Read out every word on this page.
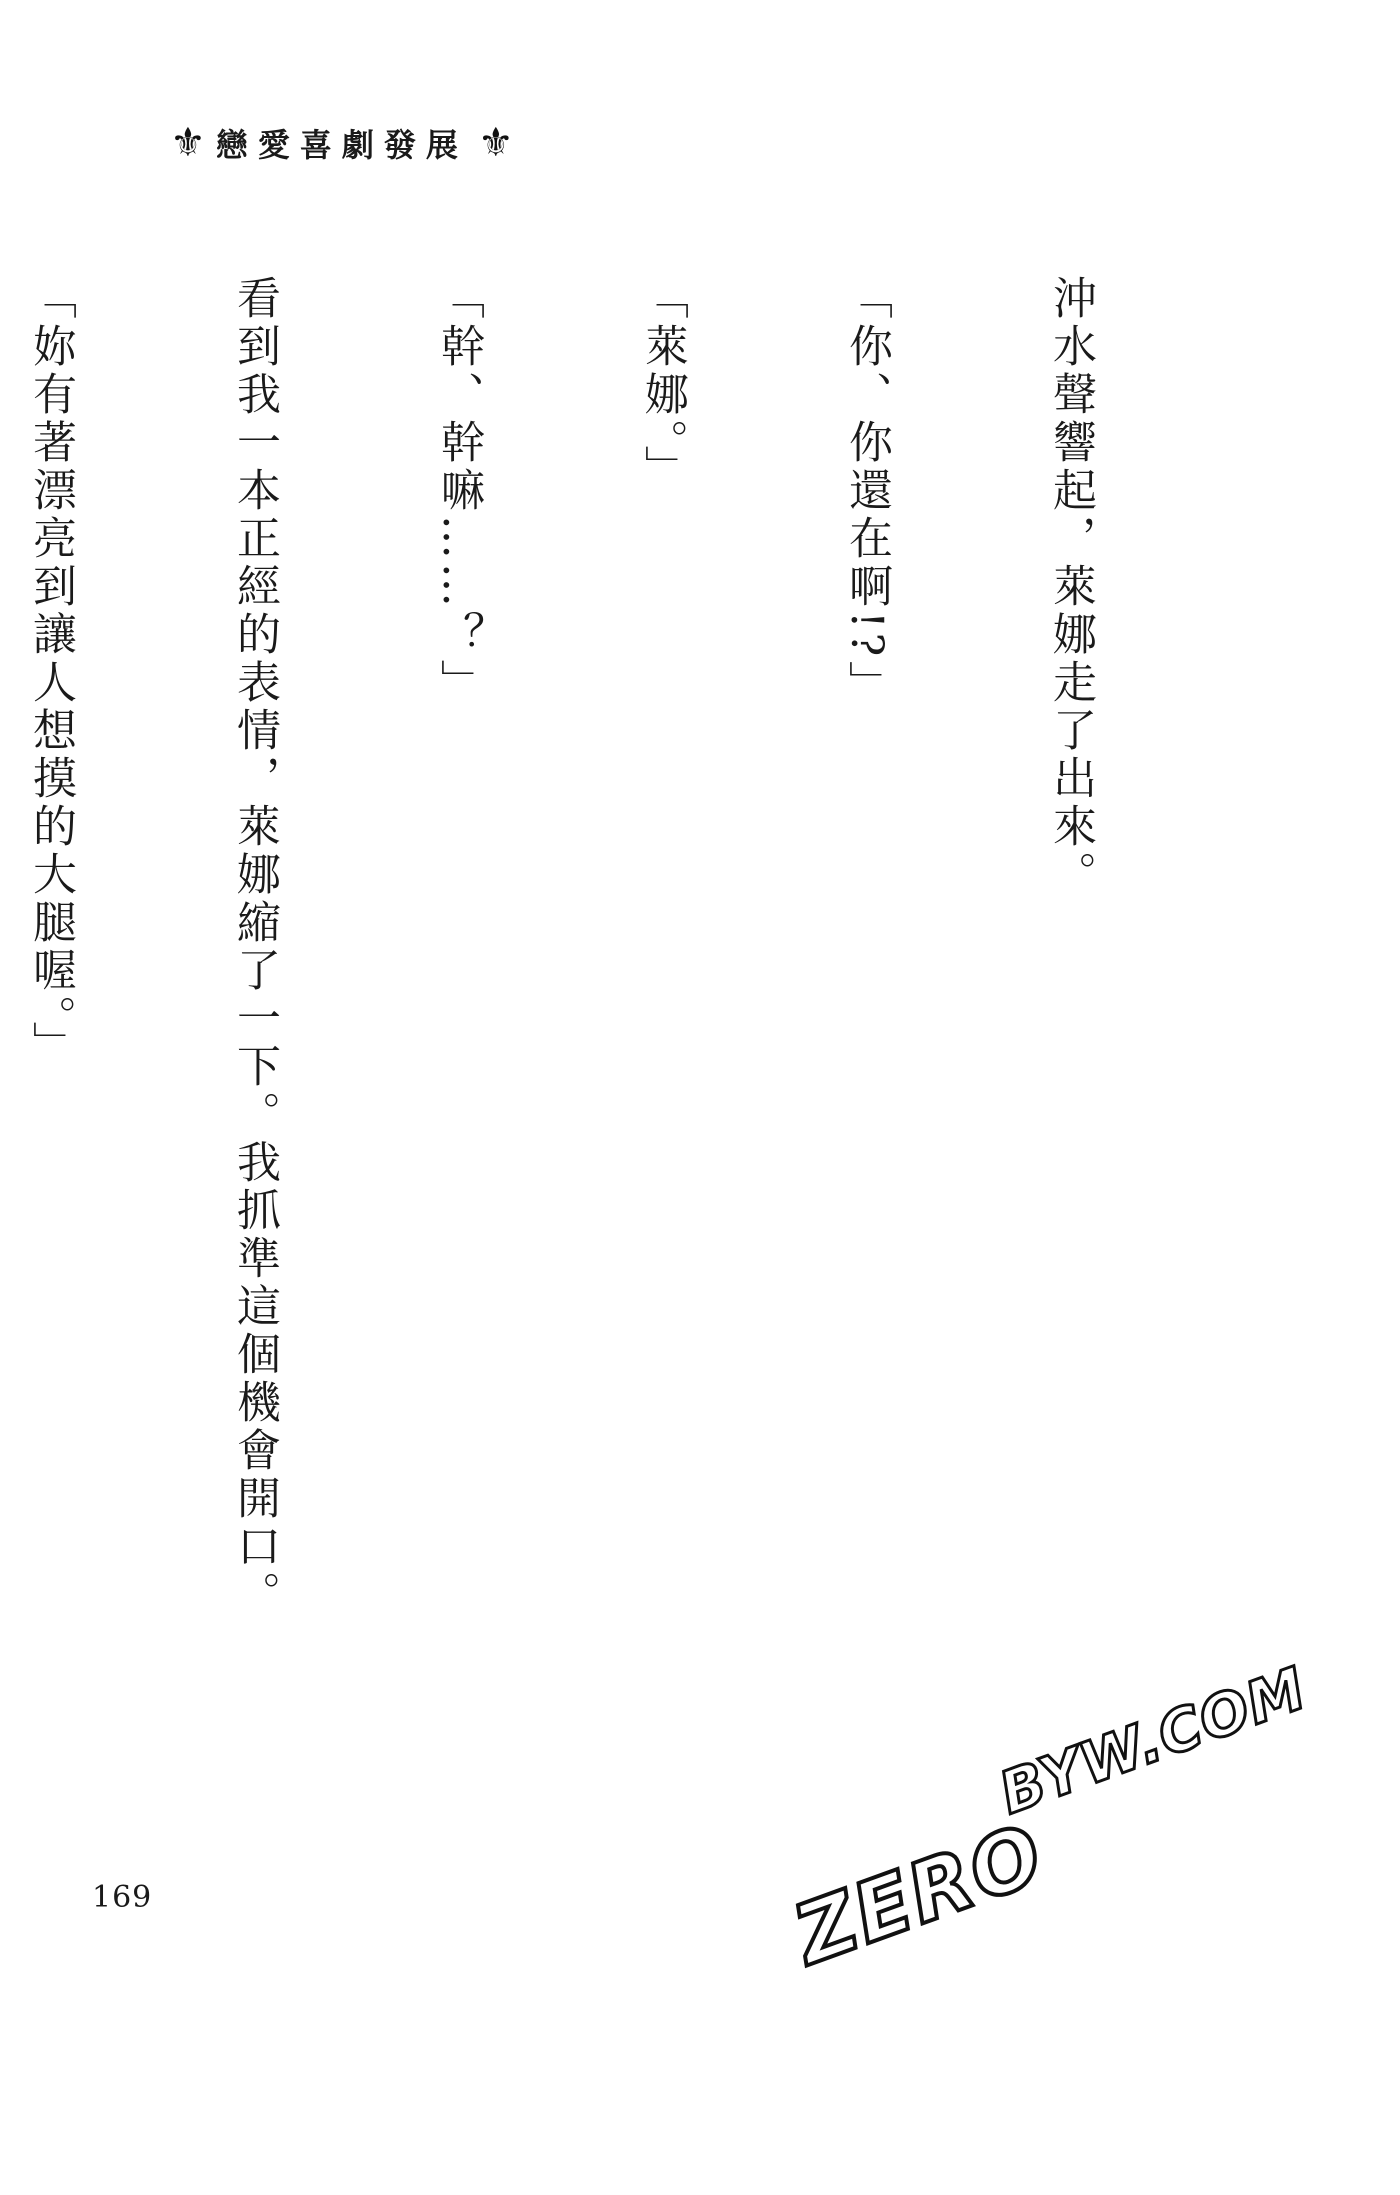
⚜ 戀愛喜劇發展 ⚜

沖水聲響起，萊娜走了出來。

「你、你還在啊!?」

「萊娜。」

「幹、幹嘛……？」

看到我一本正經的表情，萊娜縮了一下。我抓準這個機會開口。

「妳有著漂亮到讓人想摸的大腿喔。」

169
BYW.COM
ZERO
